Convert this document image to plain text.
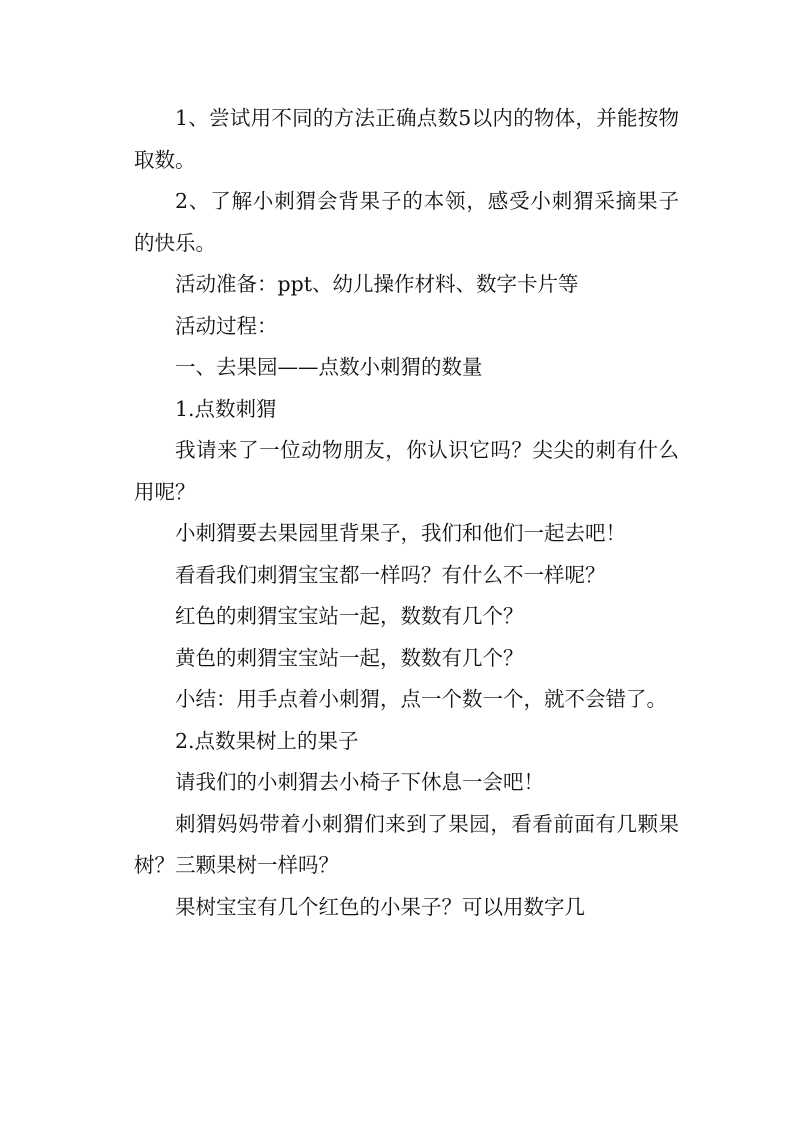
1、尝试用不同的方法正确点数5以内的物体，并能按物取数。

2、了解小刺猬会背果子的本领，感受小刺猬采摘果子的快乐。

活动准备：ppt、幼儿操作材料、数字卡片等

活动过程：

一、去果园——点数小刺猬的数量

1.点数刺猬

我请来了一位动物朋友，你认识它吗？尖尖的刺有什么用呢？

小刺猬要去果园里背果子，我们和他们一起去吧！

看看我们刺猬宝宝都一样吗？有什么不一样呢？

红色的刺猬宝宝站一起，数数有几个？

黄色的刺猬宝宝站一起，数数有几个？

小结：用手点着小刺猬，点一个数一个，就不会错了。

2.点数果树上的果子

请我们的小刺猬去小椅子下休息一会吧！

刺猬妈妈带着小刺猬们来到了果园，看看前面有几颗果树？三颗果树一样吗？

果树宝宝有几个红色的小果子？可以用数字几
